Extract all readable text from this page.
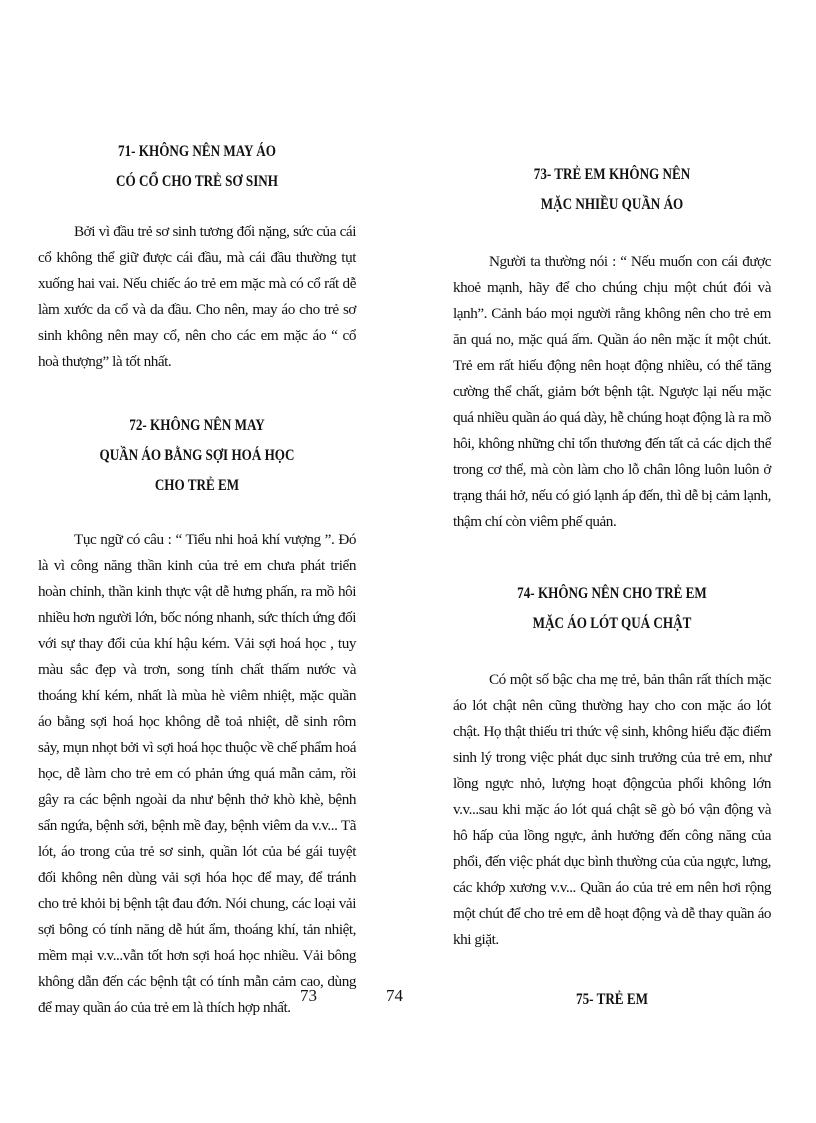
71- KHÔNG NÊN MAY ÁO
CÓ CỔ CHO TRẺ SƠ SINH

Bởi vì đầu trẻ sơ sinh tương đối nặng, sức của cái cổ không thể giữ được cái đầu, mà cái đầu thường tụt xuống hai vai. Nếu chiếc áo trẻ em mặc mà có cổ rất dễ làm xước da cổ và da đầu. Cho nên, may áo cho trẻ sơ sinh không nên may cổ, nên cho các em mặc áo “ cổ hoà thượng” là tốt nhất.

72- KHÔNG NÊN MAY
QUẦN ÁO BẰNG SỢI HOÁ HỌC
CHO TRẺ EM

Tục ngữ có câu : “ Tiểu nhi hoả khí vượng ”. Đó là vì công năng thần kinh của trẻ em chưa phát triển hoàn chỉnh, thần kinh thực vật dễ hưng phấn, ra mồ hôi nhiều hơn người lớn, bốc nóng nhanh, sức thích ứng đối với sự thay đổi của khí hậu kém. Vải sợi hoá học , tuy màu sắc đẹp và trơn, song tính chất thấm nước và thoáng khí kém, nhất là mùa hè viêm nhiệt, mặc quần áo bằng sợi hoá học không dễ toả nhiệt, dễ sinh rôm sảy, mụn nhọt bởi vì sợi hoá học thuộc về chế phẩm hoá học, dễ làm cho trẻ em có phản ứng quá mẫn cảm, rồi gây ra các bệnh ngoài da như bệnh thở khò khè, bệnh sẩn ngứa, bệnh sởi, bệnh mề đay, bệnh viêm da v.v... Tã lót, áo trong của trẻ sơ sinh, quần lót của bé gái tuyệt đối không nên dùng vải sợi hóa học để may, để tránh cho trẻ khỏi bị bệnh tật đau đớn. Nói chung, các loại vải sợi bông có tính năng dễ hút ẩm, thoáng khí, tản nhiệt, mềm mại v.v...vẫn tốt hơn sợi hoá học nhiều. Vải bông không dẫn đến các bệnh tật có tính mẫn cảm cao, dùng để may quần áo của trẻ em là thích hợp nhất.

73- TRẺ EM KHÔNG NÊN
MẶC NHIỀU QUẦN ÁO

Người ta thường nói : “ Nếu muốn con cái được khoẻ mạnh, hãy để cho chúng chịu một chút đói và lạnh”. Cảnh báo mọi người rằng không nên cho trẻ em ăn quá no, mặc quá ấm. Quần áo nên mặc ít một chút. Trẻ em rất hiếu động nên hoạt động nhiều, có thể tăng cường thể chất, giảm bớt bệnh tật. Ngược lại nếu mặc quá nhiều quần áo quá dày, hễ chúng hoạt động là ra mồ hôi, không những chỉ tổn thương đến tất cả các dịch thể trong cơ thể, mà còn làm cho lỗ chân lông luôn luôn ở trạng thái hở, nếu có gió lạnh áp đến, thì dễ bị cảm lạnh, thậm chí còn viêm phế quản.

74- KHÔNG NÊN CHO TRẺ EM
MẶC ÁO LÓT QUÁ CHẬT

Có một số bậc cha mẹ trẻ, bản thân rất thích mặc áo lót chật nên cũng thường hay cho con mặc áo lót chật. Họ thật thiếu tri thức vệ sinh, không hiểu đặc điểm sinh lý trong việc phát dục sinh trưởng của trẻ em, như lồng ngực nhỏ, lượng hoạt độngcủa phổi không lớn v.v...sau khi mặc áo lót quá chật sẽ gò bó vận động và hô hấp của lồng ngực, ảnh hưởng đến công năng của phổi, đến việc phát dục bình thường của của ngực, lưng, các khớp xương v.v... Quần áo của trẻ em nên hơi rộng một chút để cho trẻ em dễ hoạt động và dễ thay quần áo khi giặt.

75- TRẺ EM
73	74
